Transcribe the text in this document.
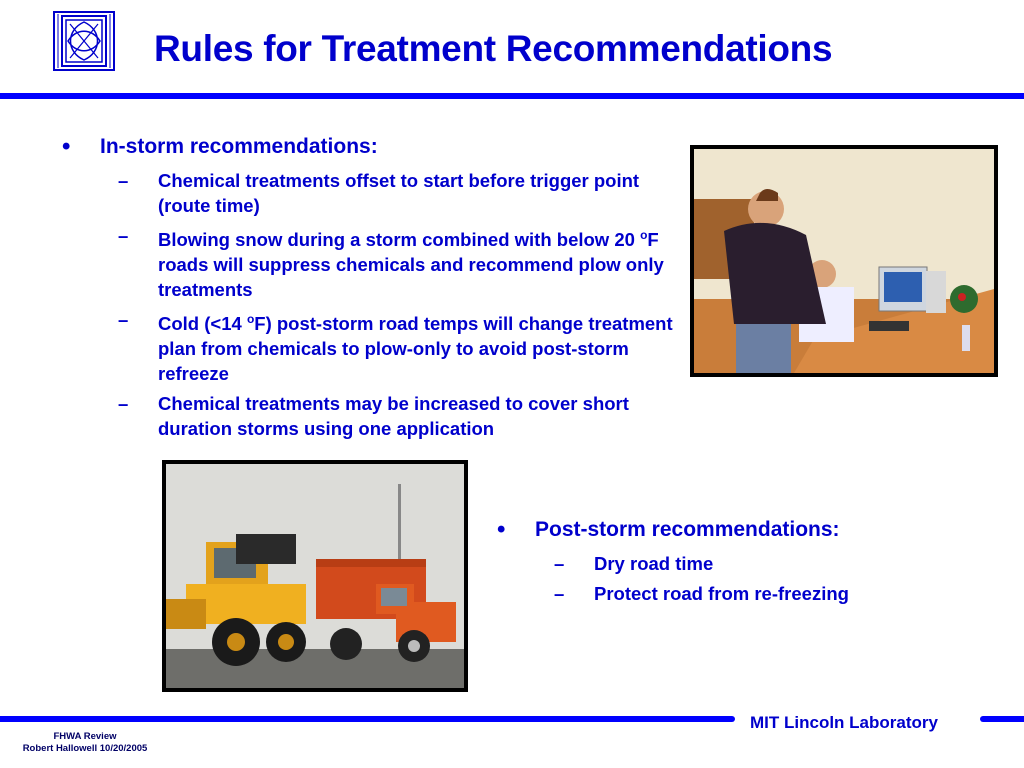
Rules for Treatment Recommendations
• In-storm recommendations:
– Chemical treatments offset to start before trigger point (route time)
– Blowing snow during a storm combined with below 20 $^o$F roads will suppress chemicals and recommend plow only treatments
– Cold (<14 $^o$F) post-storm road temps will change treatment plan from chemicals to plow-only to avoid post-storm refreeze
– Chemical treatments may be increased to cover short duration storms using one application
• Post-storm recommendations:
– Dry road time
– Protect road from re-freezing
MIT Lincoln Laboratory
FHWA Review
Robert Hallowell 10/20/2005
